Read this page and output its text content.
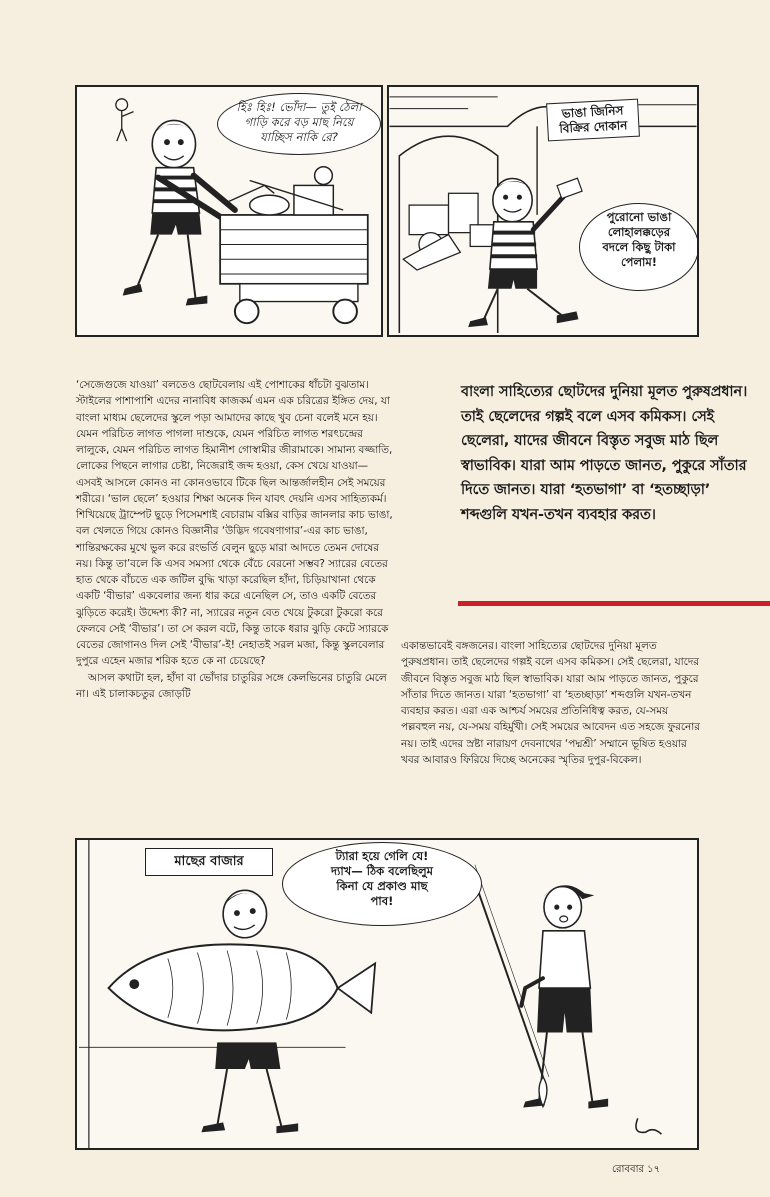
হিঃ হিঃ! ভোঁদা— তুই ঠেলা
গাড়ি করে বড় মাছ নিয়ে
যাচ্ছিস নাকি রে?
ভাঙা জিনিস
বিক্রির দোকান
পুরোনো ভাঙা
লোহালক্কড়ের
বদলে কিছু টাকা
পেলাম!

‘সেজেগুজে যাওয়া’ বলতেও ছোটবেলায় এই পোশাকের ধাঁচটা বুঝতাম। স্টাইলের পাশাপাশি এদের নানাবিধ কাজকর্ম এমন এক চরিত্রের ইঙ্গিত দেয়, যা বাংলা মাধ্যম ছেলেদের স্কুলে পড়া আমাদের কাছে খুব চেনা বলেই মনে হয়। যেমন পরিচিত লাগত পাগলা দাশুকে, যেমন পরিচিত লাগত শরৎচন্দ্রের লালুকে, যেমন পরিচিত লাগত হিমানীশ গোস্বামীর জীরামাকে। সামান্য বজ্জাতি, লোকের পিছনে লাগার চেষ্টা, নিজেরাই জব্দ হওয়া, কেস খেয়ে যাওয়া— এসবই আসলে কোনও না কোনওভাবে টিকে ছিল আন্তর্জালহীন সেই সময়ের শরীরে। ‘ভাল ছেলে’ হওয়ার শিক্ষা অনেক দিন যাবৎ দেয়নি এসব সাহিত্যকর্ম। শিখিয়েছে ট্রাম্পেট ছুড়ে পিসেমশাই বেচারাম বক্সির বাড়ির জানলার কাচ ভাঙা, বল খেলতে গিয়ে কোনও বিজ্ঞানীর ‘উদ্ভিদ গবেষণাগার’-এর কাচ ভাঙা, শান্তিরক্ষকের মুখে ভুল করে রংভর্তি বেলুন ছুড়ে মারা আদতে তেমন দোষের নয়। কিন্তু তা’বলে কি এসব সমস্যা থেকে বেঁচে বেরনো সম্ভব? স্যারের বেতের হাত থেকে বাঁচতে এক জটিল বুদ্ধি খাড়া করেছিল হাঁদা, চিড়িয়াখানা থেকে একটি ‘বীভার’ একবেলার জন্য ধার করে এনেছিল সে, তাও একটি বেতের ঝুড়িতে করেই। উদ্দেশ্য কী? না, স্যারের নতুন বেত খেয়ে টুকরো টুকরো করে ফেলবে সেই ‘বীভার’। তা সে করল বটে, কিন্তু তাকে ধরার ঝুড়ি কেটে স্যারকে বেতের জোগানও দিল সেই ‘বীভার’-ই! নেহাতই সরল মজা, কিন্তু স্কুলবেলার দুপুরে এহেন মজার শরিক হতে কে না চেয়েছে?

আসল কথাটা হল, হাঁদা বা ভোঁদার চাতুরির সঙ্গে কেলভিনের চাতুরি মেলে না। এই চালাকচতুর জোড়টি

বাংলা সাহিত্যের ছোটদের দুনিয়া মূলত পুরুষপ্রধান। তাই ছেলেদের গল্পই বলে এসব কমিকস। সেই ছেলেরা, যাদের জীবনে বিস্তৃত সবুজ মাঠ ছিল স্বাভাবিক। যারা আম পাড়তে জানত, পুকুরে সাঁতার দিতে জানত। যারা ‘হতভাগা’ বা ‘হতচ্ছাড়া’ শব্দগুলি যখন-তখন ব্যবহার করত।

একান্তভাবেই বঙ্গজনের। বাংলা সাহিত্যের ছোটদের দুনিয়া মূলত পুরুষপ্রধান। তাই ছেলেদের গল্পই বলে এসব কমিকস। সেই ছেলেরা, যাদের জীবনে বিস্তৃত সবুজ মাঠ ছিল স্বাভাবিক। যারা আম পাড়তে জানত, পুকুরে সাঁতার দিতে জানত। যারা ‘হতভাগা’ বা ‘হতচ্ছাড়া’ শব্দগুলি যখন-তখন ব্যবহার করত। এরা এক আশ্চর্য সময়ের প্রতিনিধিত্ব করত, যে-সময় পল্লবহুল নয়, যে-সময় বহির্মুখী। সেই সময়ের আবেদন এত সহজে ফুরনোর নয়। তাই এদের স্রষ্টা নারায়ণ দেবনাথের ‘পদ্মশ্রী’ সম্মানে ভূষিত হওয়ার খবর আবারও ফিরিয়ে দিচ্ছে অনেকের স্মৃতির দুপুর-বিকেল।

মাছের বাজার	ট্যারা হয়ে গেলি যে!
দ্যাখ— ঠিক বলেছিলুম
কিনা যে প্রকাণ্ড মাছ
পাব!
রোববার ১৭
